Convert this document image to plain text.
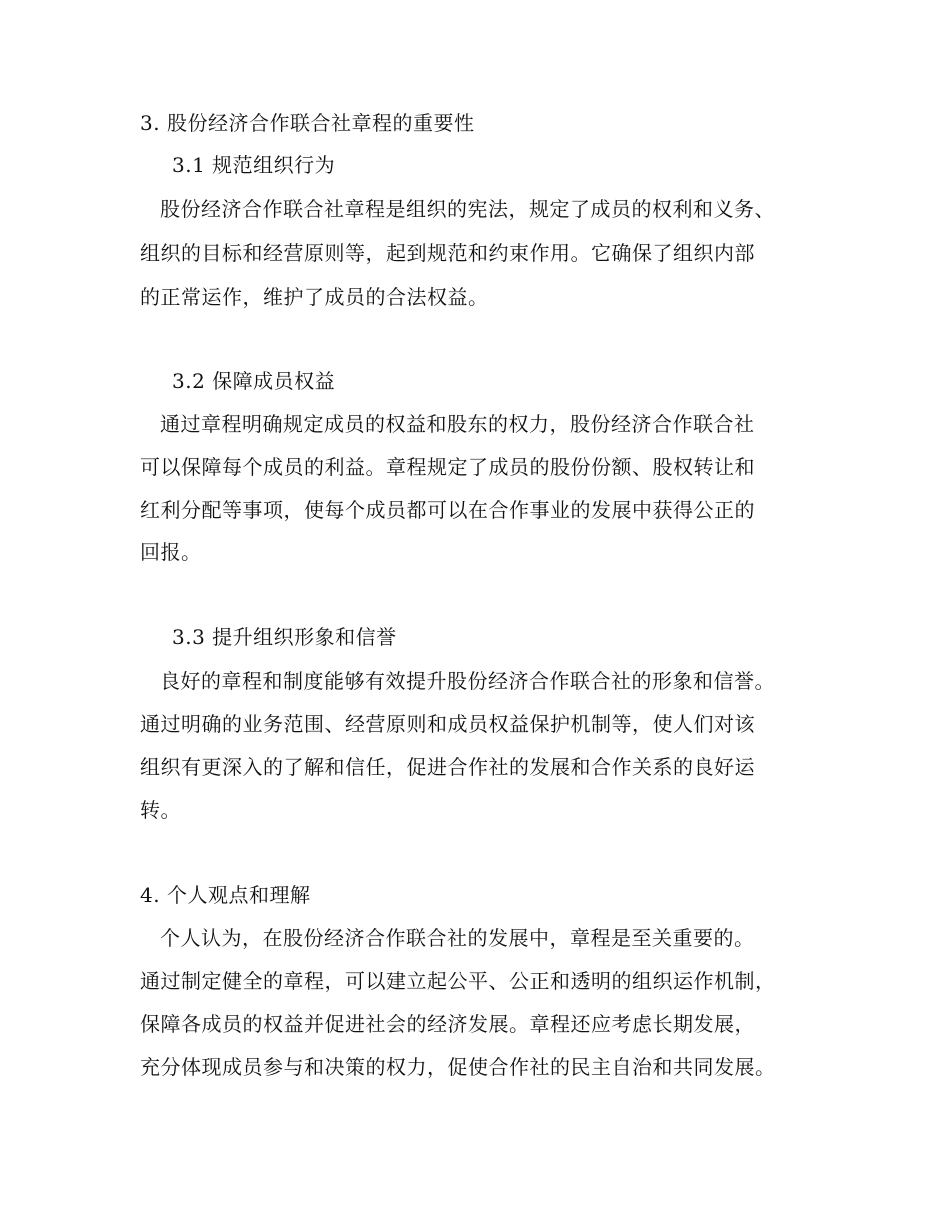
3. 股份经济合作联合社章程的重要性
3.1 规范组织行为
股份经济合作联合社章程是组织的宪法，规定了成员的权利和义务、
组织的目标和经营原则等，起到规范和约束作用。它确保了组织内部
的正常运作，维护了成员的合法权益。
3.2 保障成员权益
通过章程明确规定成员的权益和股东的权力，股份经济合作联合社
可以保障每个成员的利益。章程规定了成员的股份份额、股权转让和
红利分配等事项，使每个成员都可以在合作事业的发展中获得公正的
回报。
3.3 提升组织形象和信誉
良好的章程和制度能够有效提升股份经济合作联合社的形象和信誉。
通过明确的业务范围、经营原则和成员权益保护机制等，使人们对该
组织有更深入的了解和信任，促进合作社的发展和合作关系的良好运
转。
4. 个人观点和理解
个人认为，在股份经济合作联合社的发展中，章程是至关重要的。
通过制定健全的章程，可以建立起公平、公正和透明的组织运作机制，
保障各成员的权益并促进社会的经济发展。章程还应考虑长期发展，
充分体现成员参与和决策的权力，促使合作社的民主自治和共同发展。
